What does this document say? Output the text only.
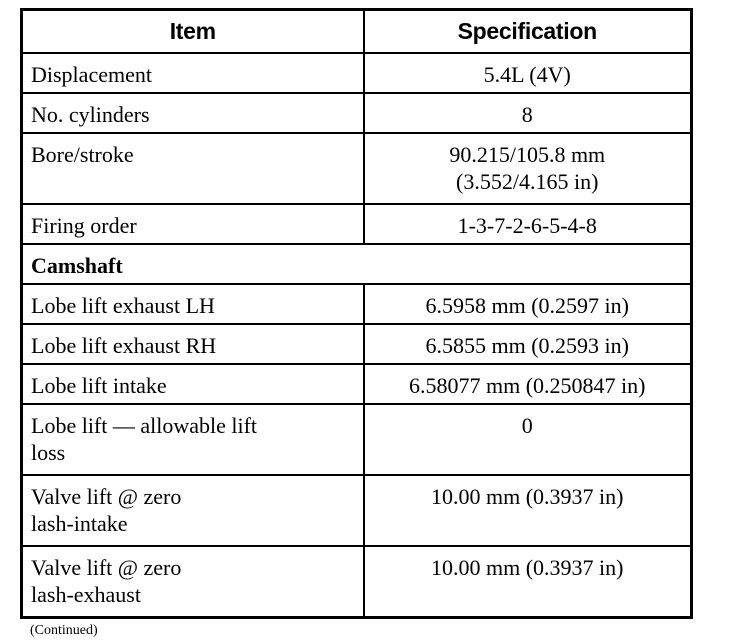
Item	Specification

Displacement	5.4L (4V)

No. cylinders	8

Bore/stroke	90.215/105.8 mm
(3.552/4.165 in)

Firing order	1-3-7-2-6-5-4-8

Camshaft	

Lobe lift exhaust LH	6.5958 mm (0.2597 in)

Lobe lift exhaust RH	6.5855 mm (0.2593 in)

Lobe lift intake	6.58077 mm (0.250847 in)

Lobe lift — allowable lift
loss	0

Valve lift @ zero
lash-intake	10.00 mm (0.3937 in)

Valve lift @ zero
lash-exhaust	10.00 mm (0.3937 in)
(Continued)
